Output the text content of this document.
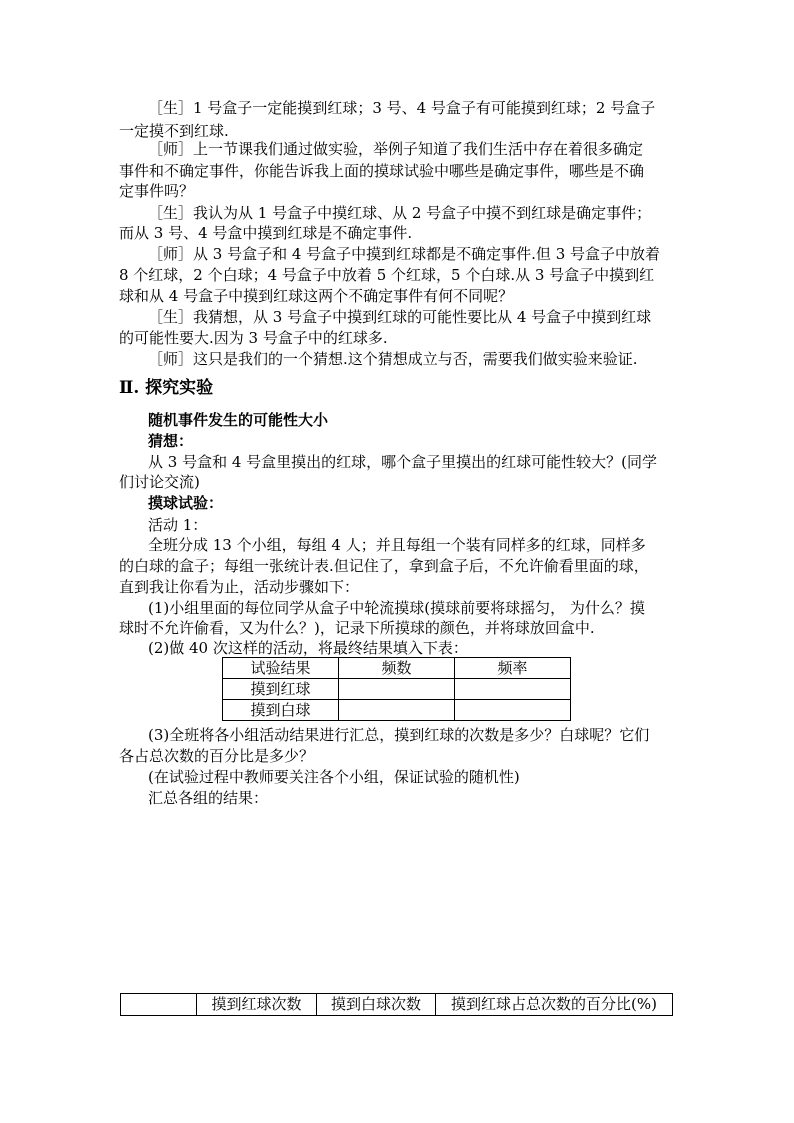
［生］1 号盒子一定能摸到红球；3 号、4 号盒子有可能摸到红球；2 号盒子
一定摸不到红球.
［师］上一节课我们通过做实验，举例子知道了我们生活中存在着很多确定
事件和不确定事件，你能告诉我上面的摸球试验中哪些是确定事件，哪些是不确
定事件吗？
［生］我认为从 1 号盒子中摸红球、从 2 号盒子中摸不到红球是确定事件；
而从 3 号、4 号盒中摸到红球是不确定事件.
［师］从 3 号盒子和 4 号盒子中摸到红球都是不确定事件.但 3 号盒子中放着
8 个红球，2 个白球；4 号盒子中放着 5 个红球，5 个白球.从 3 号盒子中摸到红
球和从 4 号盒子中摸到红球这两个不确定事件有何不同呢？
［生］我猜想，从 3 号盒子中摸到红球的可能性要比从 4 号盒子中摸到红球
的可能性要大.因为 3 号盒子中的红球多.
［师］这只是我们的一个猜想.这个猜想成立与否，需要我们做实验来验证.
Ⅱ. 探究实验
随机事件发生的可能性大小
猜想：
从 3 号盒和 4 号盒里摸出的红球，哪个盒子里摸出的红球可能性较大？(同学
们讨论交流)
摸球试验：
活动 1：
全班分成 13 个小组，每组 4 人；并且每组一个装有同样多的红球，同样多
的白球的盒子；每组一张统计表.但记住了，拿到盒子后，不允许偷看里面的球，
直到我让你看为止，活动步骤如下：
(1)小组里面的每位同学从盒子中轮流摸球(摸球前要将球摇匀， 为什么？摸
球时不允许偷看，又为什么？)，记录下所摸球的颜色，并将球放回盒中.
(2)做 40 次这样的活动，将最终结果填入下表：
试验结果	频数	频率
摸到红球		
摸到白球		
(3)全班将各小组活动结果进行汇总，摸到红球的次数是多少？白球呢？它们
各占总次数的百分比是多少？
(在试验过程中教师要关注各个小组，保证试验的随机性)
汇总各组的结果：
	摸到红球次数	摸到白球次数	摸到红球占总次数的百分比(%)
